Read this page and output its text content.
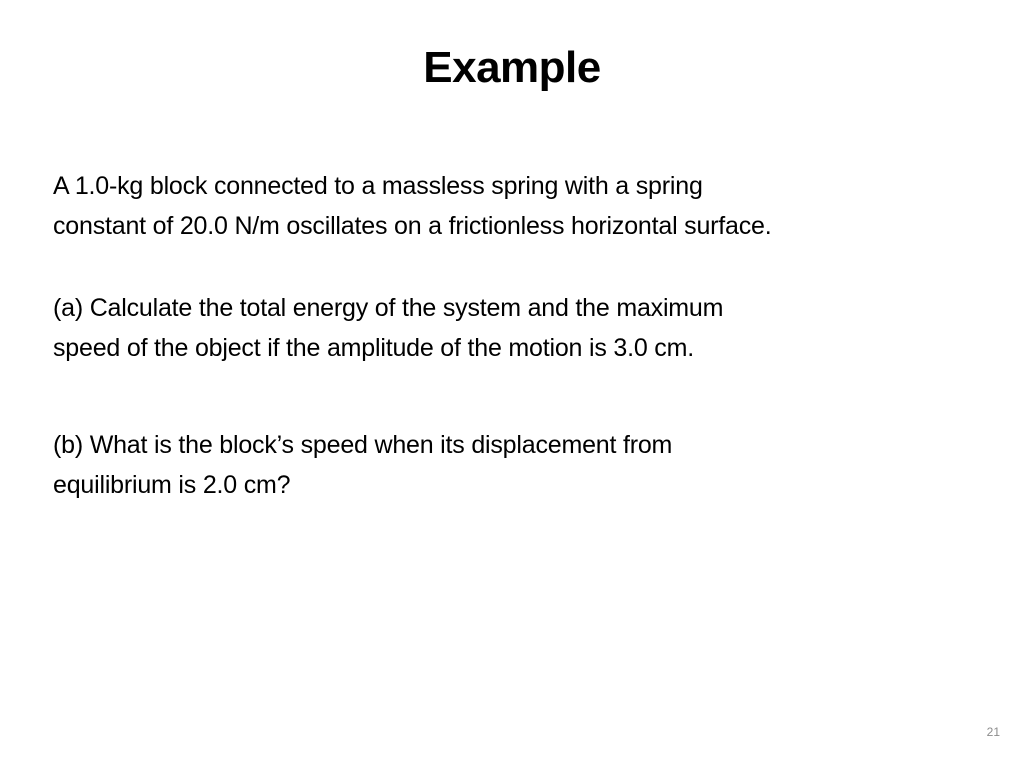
Example
A 1.0-kg block connected to a massless spring with a spring
constant of 20.0 N/m oscillates on a frictionless horizontal surface.
(a) Calculate the total energy of the system and the maximum
speed of the object if the amplitude of the motion is 3.0 cm.
(b) What is the block’s speed when its displacement from
equilibrium is 2.0 cm?
21
